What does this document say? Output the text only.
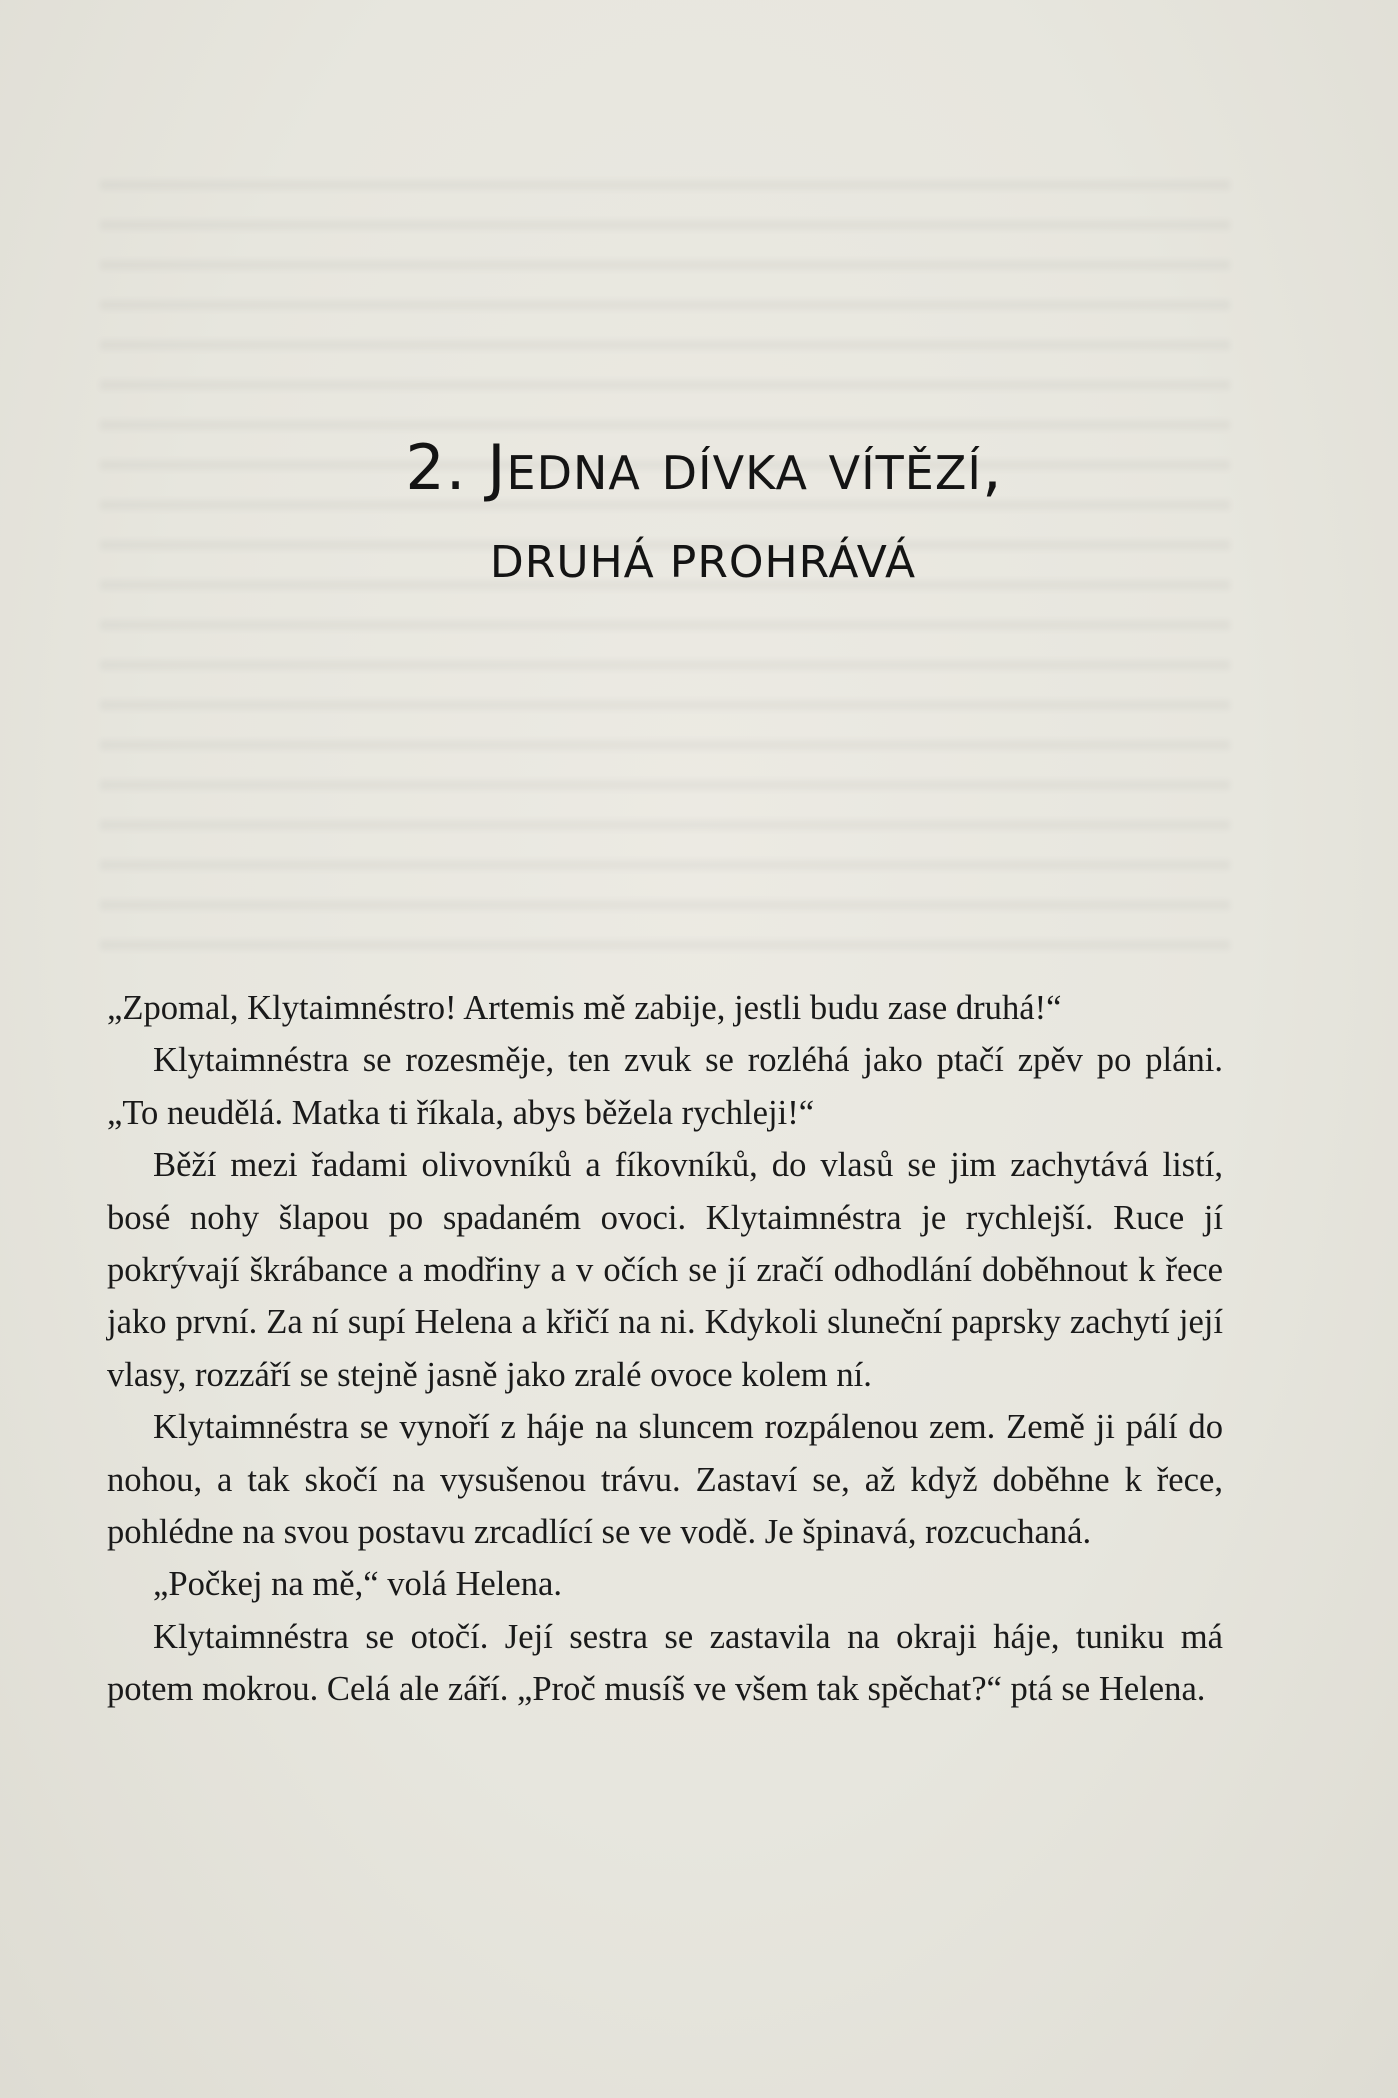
2. JEDNA DÍVKA VÍTĚZÍ,
DRUHÁ PROHRÁVÁ

„Zpomal, Klytaimnéstro! Artemis mě zabije, jestli budu zase druhá!“

Klytaimnéstra se rozesměje, ten zvuk se rozléhá jako ptačí zpěv po pláni. „To neudělá. Matka ti říkala, abys běžela rychleji!“

Běží mezi řadami olivovníků a fíkovníků, do vlasů se jim zachytává listí, bosé nohy šlapou po spadaném ovoci. Klytaimnéstra je rychlejší. Ruce jí pokrývají škrábance a modřiny a v očích se jí zračí odhodlání doběhnout k řece jako první. Za ní supí Helena a křičí na ni. Kdykoli sluneční paprsky zachytí její vlasy, rozzáří se stejně jasně jako zralé ovoce kolem ní.

Klytaimnéstra se vynoří z háje na sluncem rozpálenou zem. Země ji pálí do nohou, a tak skočí na vysušenou trávu. Zastaví se, až když doběhne k řece, pohlédne na svou postavu zrcadlící se ve vodě. Je špinavá, rozcuchaná.

„Počkej na mě,“ volá Helena.

Klytaimnéstra se otočí. Její sestra se zastavila na okraji háje, tuniku má potem mokrou. Celá ale září. „Proč musíš ve všem tak spěchat?“ ptá se Helena.
